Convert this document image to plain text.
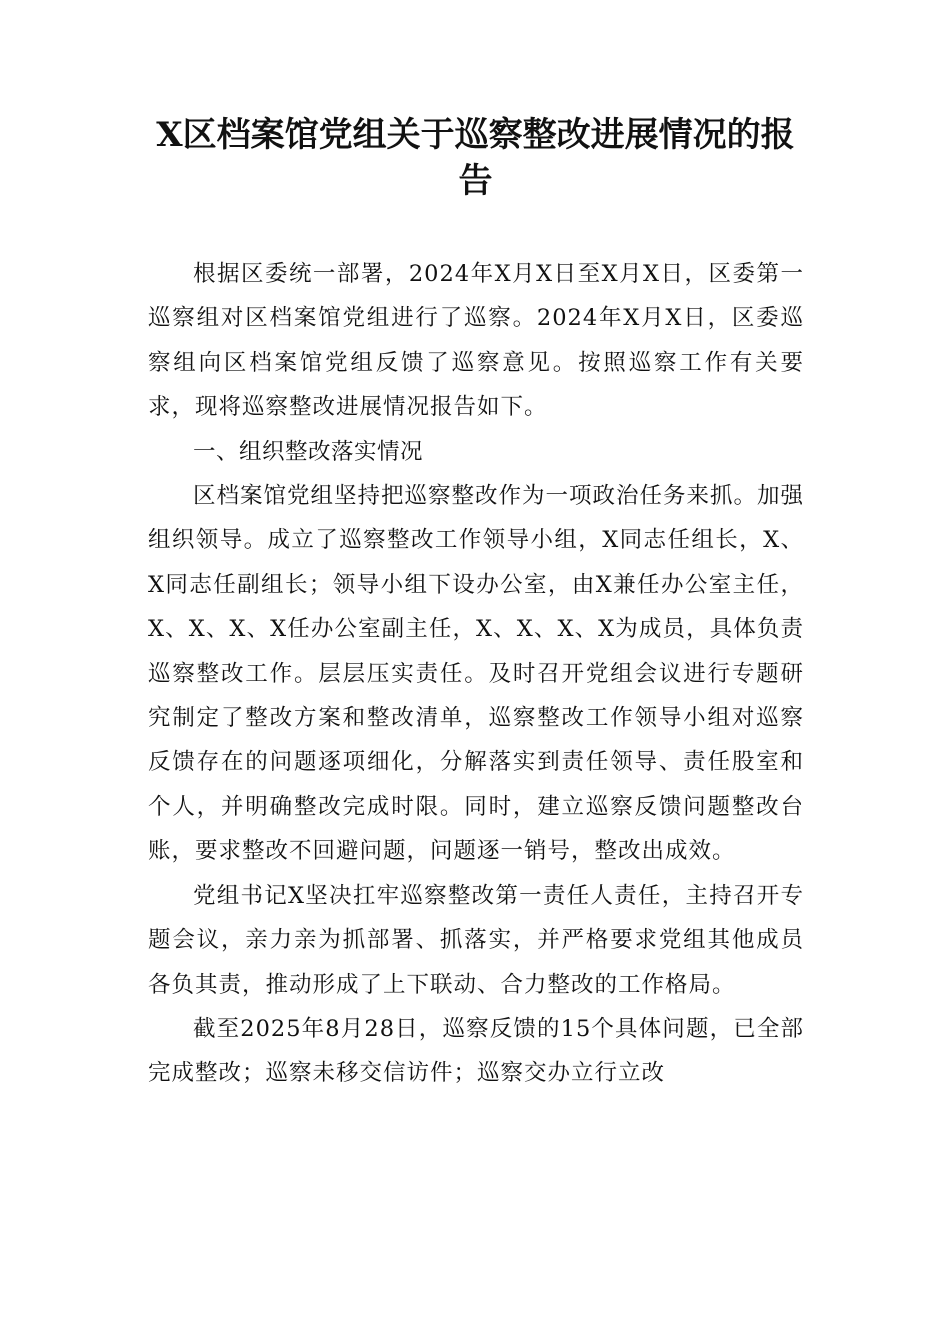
X区档案馆党组关于巡察整改进展情况的报告

根据区委统一部署，2024年X月X日至X月X日，区委第一巡察组对区档案馆党组进行了巡察。2024年X月X日，区委巡察组向区档案馆党组反馈了巡察意见。按照巡察工作有关要求，现将巡察整改进展情况报告如下。

一、组织整改落实情况

区档案馆党组坚持把巡察整改作为一项政治任务来抓。加强组织领导。成立了巡察整改工作领导小组，X同志任组长，X、X同志任副组长；领导小组下设办公室，由X兼任办公室主任，X、X、X、X任办公室副主任，X、X、X、X为成员，具体负责巡察整改工作。层层压实责任。及时召开党组会议进行专题研究制定了整改方案和整改清单，巡察整改工作领导小组对巡察反馈存在的问题逐项细化，分解落实到责任领导、责任股室和个人，并明确整改完成时限。同时，建立巡察反馈问题整改台账，要求整改不回避问题，问题逐一销号，整改出成效。

党组书记X坚决扛牢巡察整改第一责任人责任，主持召开专题会议，亲力亲为抓部署、抓落实，并严格要求党组其他成员各负其责，推动形成了上下联动、合力整改的工作格局。

截至2025年8月28日，巡察反馈的15个具体问题，已全部完成整改；巡察未移交信访件；巡察交办立行立改
